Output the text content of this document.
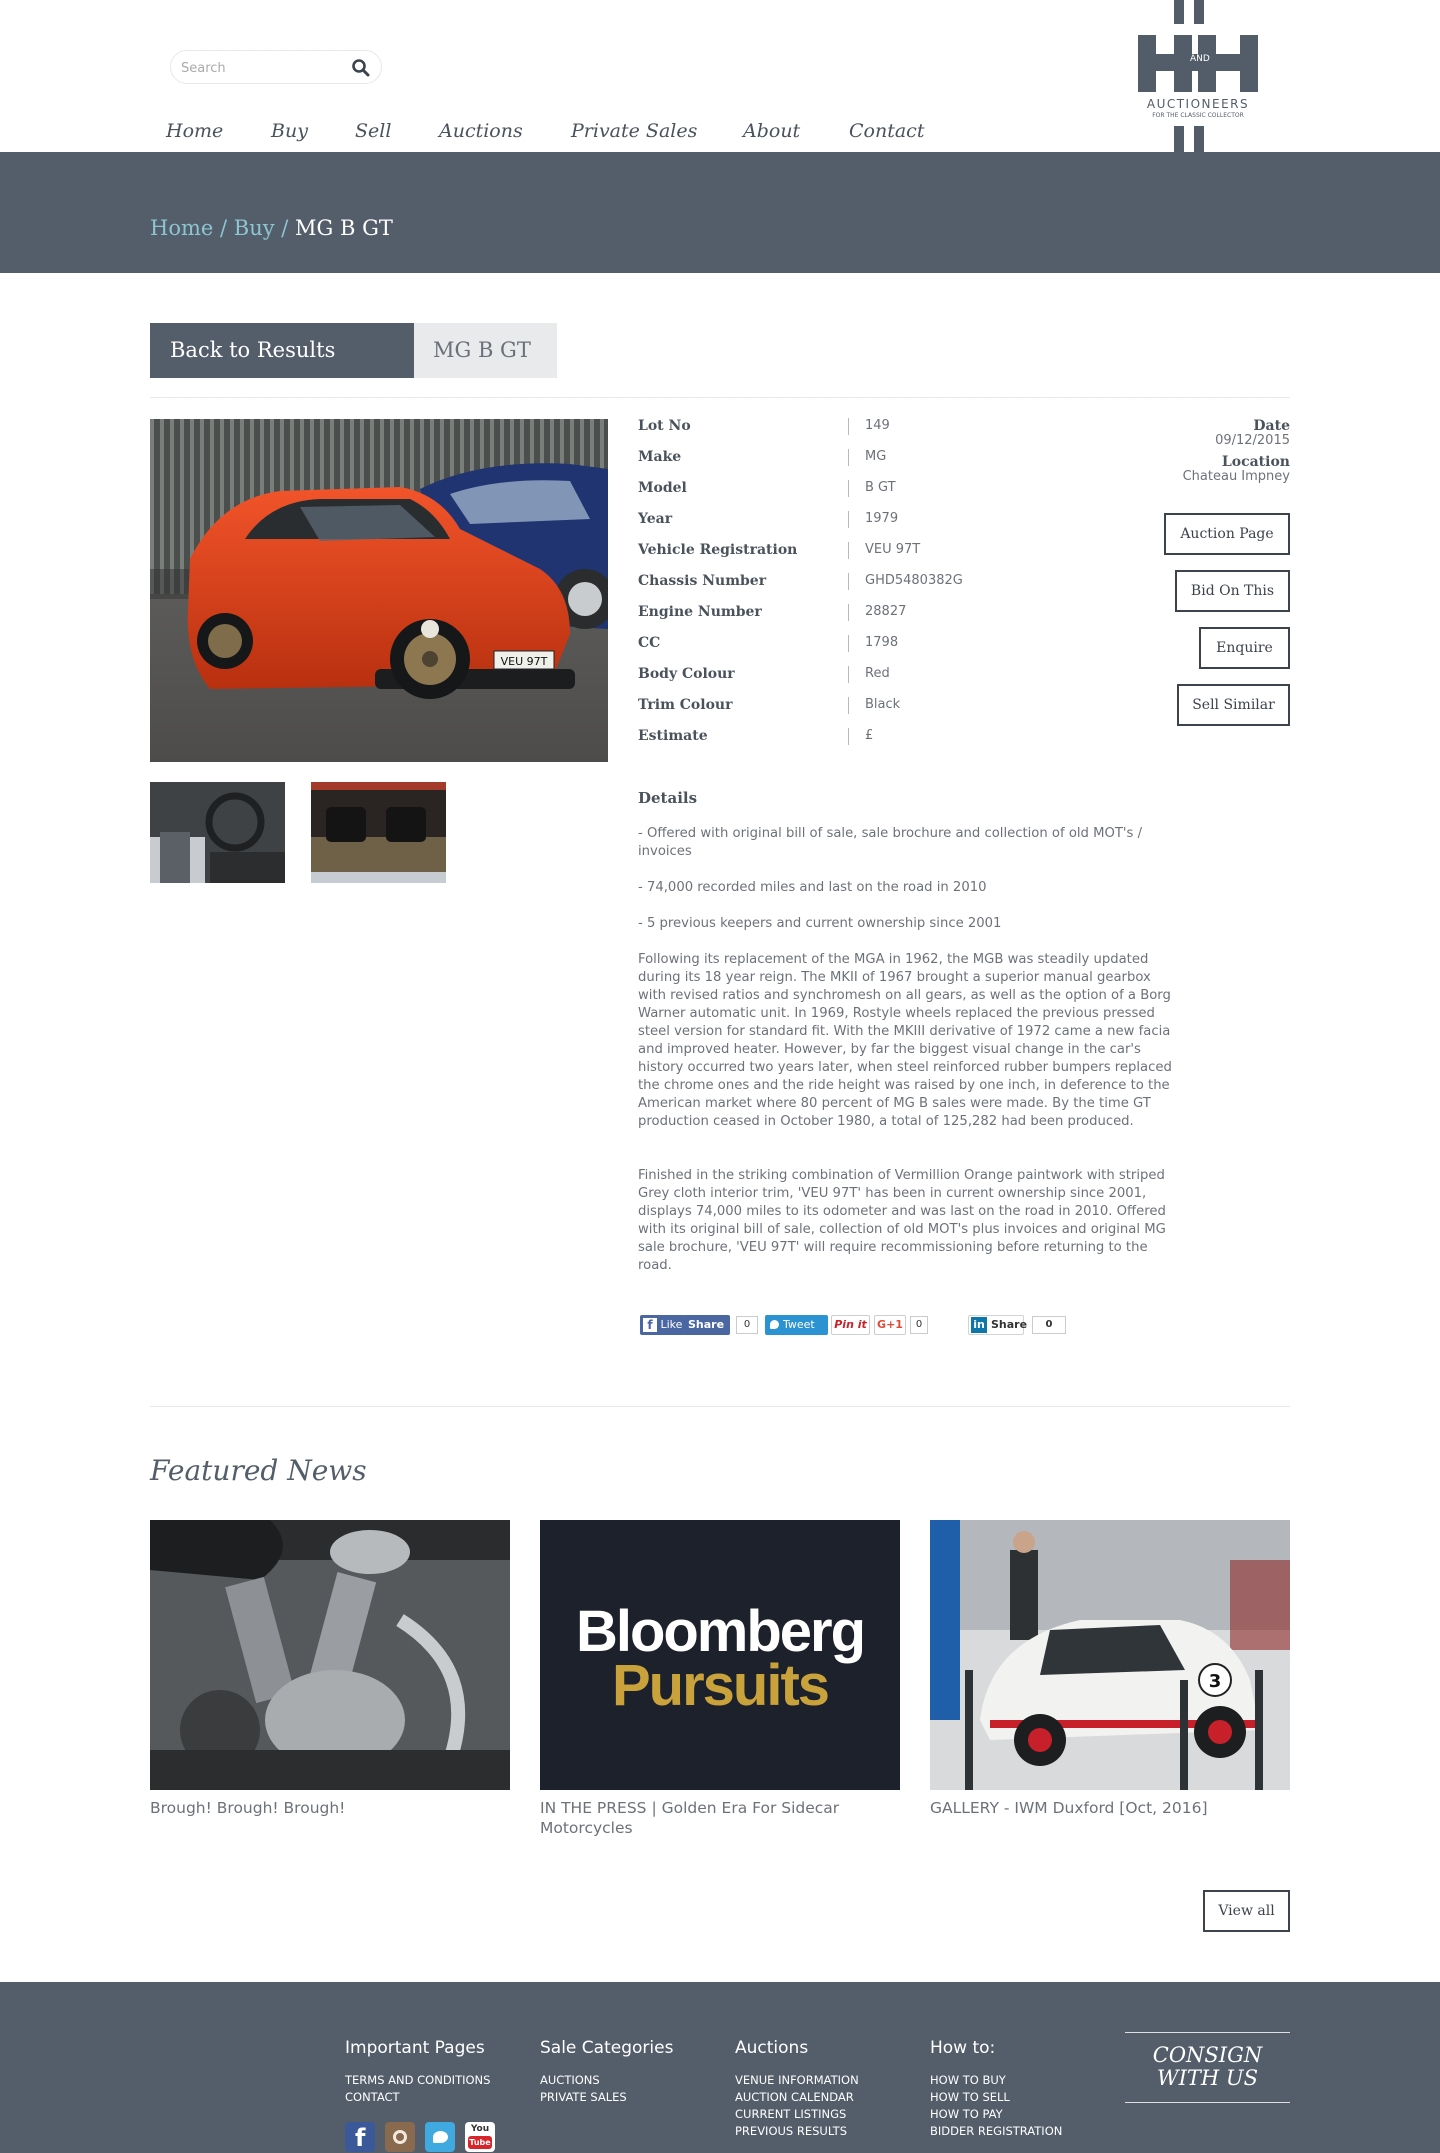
Search
Home	Buy Sell	Auctions	Private Sales About	Contact
AND
AUCTIONEERS
FOR THE CLASSIC COLLECTOR
Home / Buy / MG B GT
Back to Results	MG B GT
VEU 97T
Lot No	149
Make	MG
Model	B GT
Year	1979
Vehicle Registration	VEU 97T
Chassis Number	GHD5480382G
Engine Number	28827
CC	1798
Body Colour	Red
Trim Colour	Black
Estimate	£
Date
09/12/2015
Location
Chateau Impney
Auction Page
Bid On This
Enquire
Sell Similar
Details
- Offered with original bill of sale, sale brochure and collection of old MOT's / invoices
- 74,000 recorded miles and last on the road in 2010
- 5 previous keepers and current ownership since 2001
Following its replacement of the MGA in 1962, the MGB was steadily updated during its 18 year reign. The MKII of 1967 brought a superior manual gearbox with revised ratios and synchromesh on all gears, as well as the option of a Borg Warner automatic unit. In 1969, Rostyle wheels replaced the previous pressed steel version for standard fit. With the MKIII derivative of 1972 came a new facia and improved heater. However, by far the biggest visual change in the car's history occurred two years later, when steel reinforced rubber bumpers replaced the chrome ones and the ride height was raised by one inch, in deference to the American market where 80 percent of MG B sales were made. By the time GT production ceased in October 1980, a total of 125,282 had been produced.
Finished in the striking combination of Vermillion Orange paintwork with striped Grey cloth interior trim, 'VEU 97T' has been in current ownership since 2001, displays 74,000 miles to its odometer and was last on the road in 2010. Offered with its original bill of sale, collection of old MOT's plus invoices and original MG sale brochure, 'VEU 97T' will require recommissioning before returning to the road.
f Like Share	0	Tweet	Pin it G+1	0	in Share	0
Featured News
Brough! Brough! Brough!
Bloomberg
Pursuits
IN THE PRESS | Golden Era For Sidecar Motorcycles
3
GALLERY - IWM Duxford [Oct, 2016]
View all
Important Pages
TERMS AND CONDITIONS
CONTACT
Sale Categories
AUCTIONS
PRIVATE SALES
Auctions
VENUE INFORMATION
AUCTION CALENDAR
CURRENT LISTINGS
PREVIOUS RESULTS
How to:
HOW TO BUY
HOW TO SELL
HOW TO PAY
BIDDER REGISTRATION
CONSIGN
WITH US
f	You
Tube
